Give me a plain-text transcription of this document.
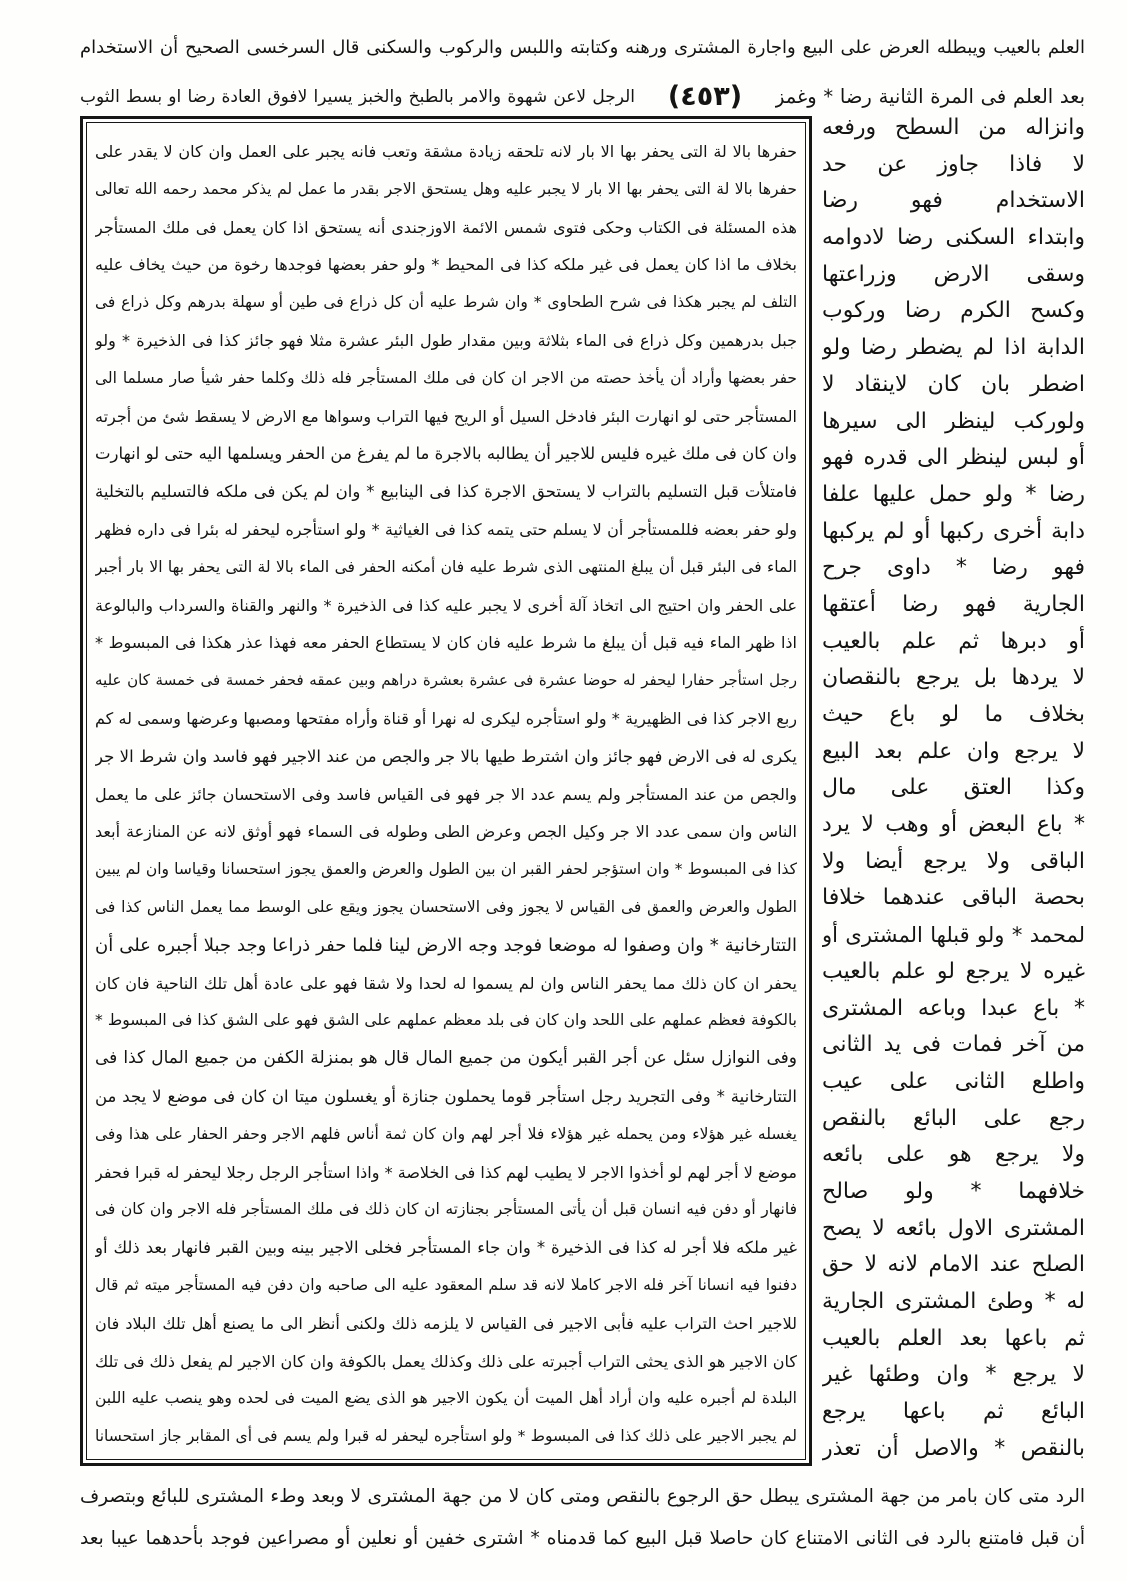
العلم بالعيب ويبطله العرض على البيع واجارة المشترى ورهنه وكتابته واللبس والركوب والسكنى قال السرخسى الصحيح أن الاستخدام
بعد العلم فى المرة الثانية رضا * وغمز
(٤٥٣)
الرجل لاعن شهوة والامر بالطبخ والخبز يسيرا لافوق العادة رضا او بسط الثوب
حفرها بالا لة التى يحفر بها الا بار لانه تلحقه زيادة مشقة وتعب فانه يجبر على العمل وان كان لا يقدر على
حفرها بالا لة التى يحفر بها الا بار لا يجبر عليه وهل يستحق الاجر بقدر ما عمل لم يذكر محمد رحمه الله تعالى
هذه المسئلة فى الكتاب وحكى فتوى شمس الائمة الاوزجندى أنه يستحق اذا كان يعمل فى ملك المستأجر
بخلاف ما اذا كان يعمل فى غير ملكه كذا فى المحيط * ولو حفر بعضها فوجدها رخوة من حيث يخاف عليه
التلف لم يجبر هكذا فى شرح الطحاوى * وان شرط عليه أن كل ذراع فى طين أو سهلة بدرهم وكل ذراع فى
جبل بدرهمين وكل ذراع فى الماء بثلاثة وبين مقدار طول البئر عشرة مثلا فهو جائز كذا فى الذخيرة * ولو
حفر بعضها وأراد أن يأخذ حصته من الاجر ان كان فى ملك المستأجر فله ذلك وكلما حفر شيأ صار مسلما الى
المستأجر حتى لو انهارت البئر فادخل السيل أو الريح فيها التراب وسواها مع الارض لا يسقط شئ من أجرته
وان كان فى ملك غيره فليس للاجير أن يطالبه بالاجرة ما لم يفرغ من الحفر ويسلمها اليه حتى لو انهارت
فامتلأت قبل التسليم بالتراب لا يستحق الاجرة كذا فى الينابيع * وان لم يكن فى ملكه فالتسليم بالتخلية
ولو حفر بعضه فللمستأجر أن لا يسلم حتى يتمه كذا فى الغياثية * ولو استأجره ليحفر له بئرا فى داره فظهر
الماء فى البئر قبل أن يبلغ المنتهى الذى شرط عليه فان أمكنه الحفر فى الماء بالا لة التى يحفر بها الا بار أجبر
على الحفر وان احتيج الى اتخاذ آلة أخرى لا يجبر عليه كذا فى الذخيرة * والنهر والقناة والسرداب والبالوعة
اذا ظهر الماء فيه قبل أن يبلغ ما شرط عليه فان كان لا يستطاع الحفر معه فهذا عذر هكذا فى المبسوط *
رجل استأجر حفارا ليحفر له حوضا عشرة فى عشرة بعشرة دراهم وبين عمقه فحفر خمسة فى خمسة كان عليه
ربع الاجر كذا فى الظهيرية * ولو استأجره ليكرى له نهرا أو قناة وأراه مفتحها ومصبها وعرضها وسمى له كم
يكرى له فى الارض فهو جائز وان اشترط طيها بالا جر والجص من عند الاجير فهو فاسد وان شرط الا جر
والجص من عند المستأجر ولم يسم عدد الا جر فهو فى القياس فاسد وفى الاستحسان جائز على ما يعمل
الناس وان سمى عدد الا جر وكيل الجص وعرض الطى وطوله فى السماء فهو أوثق لانه عن المنازعة أبعد
كذا فى المبسوط * وان استؤجر لحفر القبر ان بين الطول والعرض والعمق يجوز استحسانا وقياسا وان لم يبين
الطول والعرض والعمق فى القياس لا يجوز وفى الاستحسان يجوز ويقع على الوسط مما يعمل الناس كذا فى
التتارخانية * وان وصفوا له موضعا فوجد وجه الارض لينا فلما حفر ذراعا وجد جبلا أجبره على أن
يحفر ان كان ذلك مما يحفر الناس وان لم يسموا له لحدا ولا شقا فهو على عادة أهل تلك الناحية فان كان
بالكوفة فعظم عملهم على اللحد وان كان فى بلد معظم عملهم على الشق فهو على الشق كذا فى المبسوط *
وفى النوازل سئل عن أجر القبر أيكون من جميع المال قال هو بمنزلة الكفن من جميع المال كذا فى
التتارخانية * وفى التجريد رجل استأجر قوما يحملون جنازة أو يغسلون ميتا ان كان فى موضع لا يجد من
يغسله غير هؤلاء ومن يحمله غير هؤلاء فلا أجر لهم وان كان ثمة أناس فلهم الاجر وحفر الحفار على هذا وفى
موضع لا أجر لهم لو أخذوا الاجر لا يطيب لهم كذا فى الخلاصة * واذا استأجر الرجل رجلا ليحفر له قبرا فحفر
فانهار أو دفن فيه انسان قبل أن يأتى المستأجر بجنازته ان كان ذلك فى ملك المستأجر فله الاجر وان كان فى
غير ملكه فلا أجر له كذا فى الذخيرة * وان جاء المستأجر فخلى الاجير بينه وبين القبر فانهار بعد ذلك أو
دفنوا فيه انسانا آخر فله الاجر كاملا لانه قد سلم المعقود عليه الى صاحبه وان دفن فيه المستأجر ميته ثم قال
للاجير احث التراب عليه فأبى الاجير فى القياس لا يلزمه ذلك ولكنى أنظر الى ما يصنع أهل تلك البلاد فان
كان الاجير هو الذى يحثى التراب أجبرته على ذلك وكذلك يعمل بالكوفة وان كان الاجير لم يفعل ذلك فى تلك
البلدة لم أجبره عليه وان أراد أهل الميت أن يكون الاجير هو الذى يضع الميت فى لحده وهو ينصب عليه اللبن
لم يجبر الاجير على ذلك كذا فى المبسوط * ولو استأجره ليحفر له قبرا ولم يسم فى أى المقابر جاز استحسانا
وانزاله من السطح ورفعه
لا فاذا جاوز عن حد
الاستخدام فهو رضا
وابتداء السكنى رضا لادوامه
وسقى الارض وزراعتها
وكسح الكرم رضا وركوب
الدابة اذا لم يضطر رضا ولو
اضطر بان كان لاينقاد لا
ولوركب لينظر الى سيرها
أو لبس لينظر الى قدره فهو
رضا * ولو حمل عليها علفا
دابة أخرى ركبها أو لم يركبها
فهو رضا * داوى جرح
الجارية فهو رضا أعتقها
أو دبرها ثم علم بالعيب
لا يردها بل يرجع بالنقصان
بخلاف ما لو باع حيث
لا يرجع وان علم بعد البيع
وكذا العتق على مال
* باع البعض أو وهب لا يرد
الباقى ولا يرجع أيضا ولا
بحصة الباقى عندهما خلافا
لمحمد * ولو قبلها المشترى أو
غيره لا يرجع لو علم بالعيب
* باع عبدا وباعه المشترى
من آخر فمات فى يد الثانى
واطلع الثانى على عيب
رجع على البائع بالنقص
ولا يرجع هو على بائعه
خلافهما * ولو صالح
المشترى الاول بائعه لا يصح
الصلح عند الامام لانه لا حق
له * وطئ المشترى الجارية
ثم باعها بعد العلم بالعيب
لا يرجع * وان وطئها غير
البائع ثم باعها يرجع
بالنقص * والاصل أن تعذر
الرد متى كان بامر من جهة المشترى يبطل حق الرجوع بالنقص ومتى كان لا من جهة المشترى لا وبعد وطء المشترى للبائع وبتصرف
أن قبل فامتنع بالرد فى الثانى الامتناع كان حاصلا قبل البيع كما قدمناه * اشترى خفين أو نعلين أو مصراعين فوجد بأحدهما عيبا بعد
